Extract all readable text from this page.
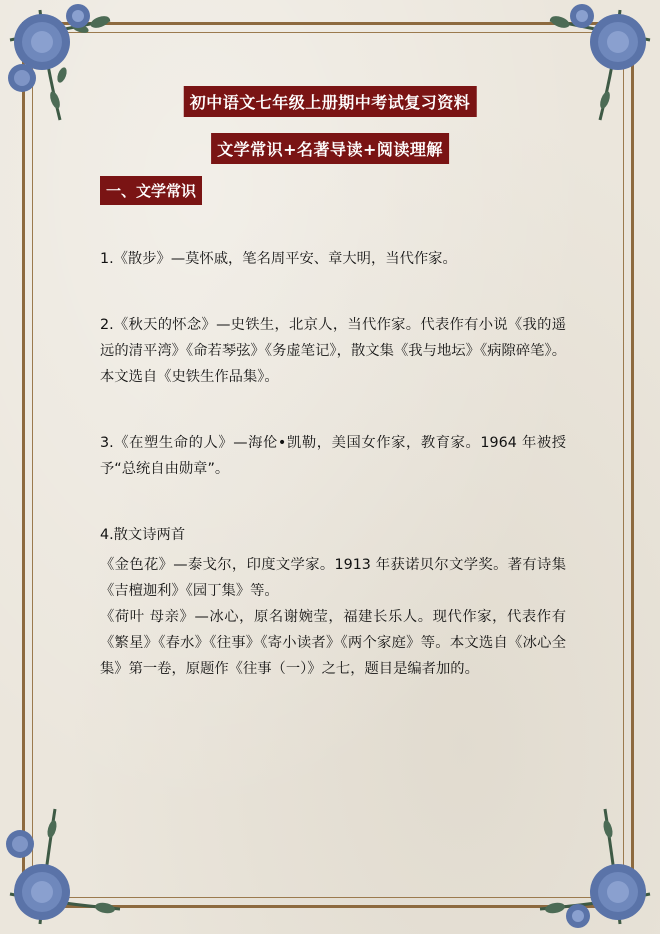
初中语文七年级上册期中考试复习资料
文学常识+名著导读+阅读理解
一、文学常识

1.《散步》—莫怀戚，笔名周平安、章大明，当代作家。

2.《秋天的怀念》—史铁生，北京人，当代作家。代表作有小说《我的遥远的清平湾》《命若琴弦》《务虚笔记》，散文集《我与地坛》《病隙碎笔》。本文选自《史铁生作品集》。

3.《在塑生命的人》—海伦•凯勒，美国女作家，教育家。1964 年被授予“总统自由勋章”。

4.散文诗两首

《金色花》—泰戈尔，印度文学家。1913 年获诺贝尔文学奖。著有诗集《吉檀迦利》《园丁集》等。

《荷叶 母亲》—冰心，原名谢婉莹，福建长乐人。现代作家，代表作有《繁星》《春水》《往事》《寄小读者》《两个家庭》等。本文选自《冰心全集》第一卷，原题作《往事（一）》之七，题目是编者加的。
